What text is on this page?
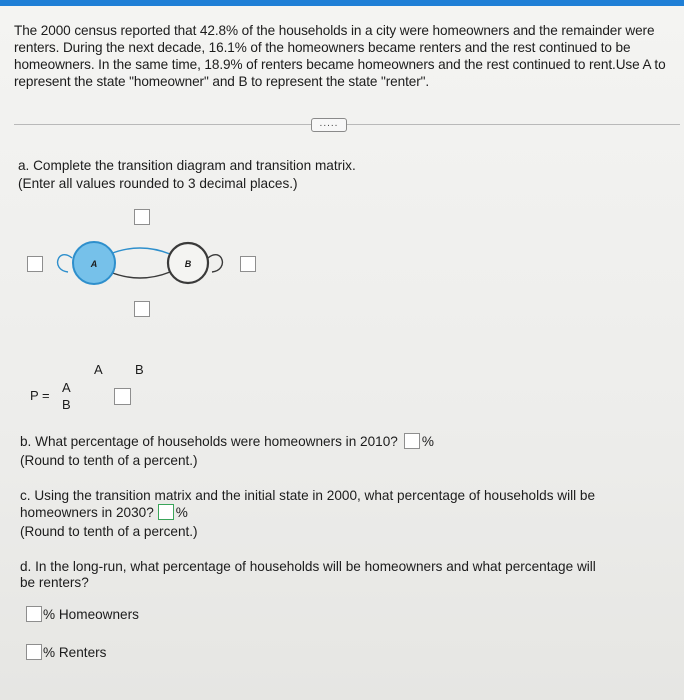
The 2000 census reported that 42.8% of the households in a city were homeowners and the remainder were renters. During the next decade, 16.1% of the homeowners became renters and the rest continued to be homeowners. In the same time, 18.9% of renters became homeowners and the rest continued to rent.Use A to represent the state "homeowner" and B to represent the state "renter".
.....
a. Complete the transition diagram and transition matrix.
(Enter all values rounded to 3 decimal places.)
A	B
A B
P =
A
B
b. What percentage of households were homeowners in 2010? %
(Round to tenth of a percent.)
c. Using the transition matrix and the initial state in 2000, what percentage of households will be
homeowners in 2030? %
(Round to tenth of a percent.)
d. In the long-run, what percentage of households will be homeowners and what percentage will
be renters?
% Homeowners
% Renters
